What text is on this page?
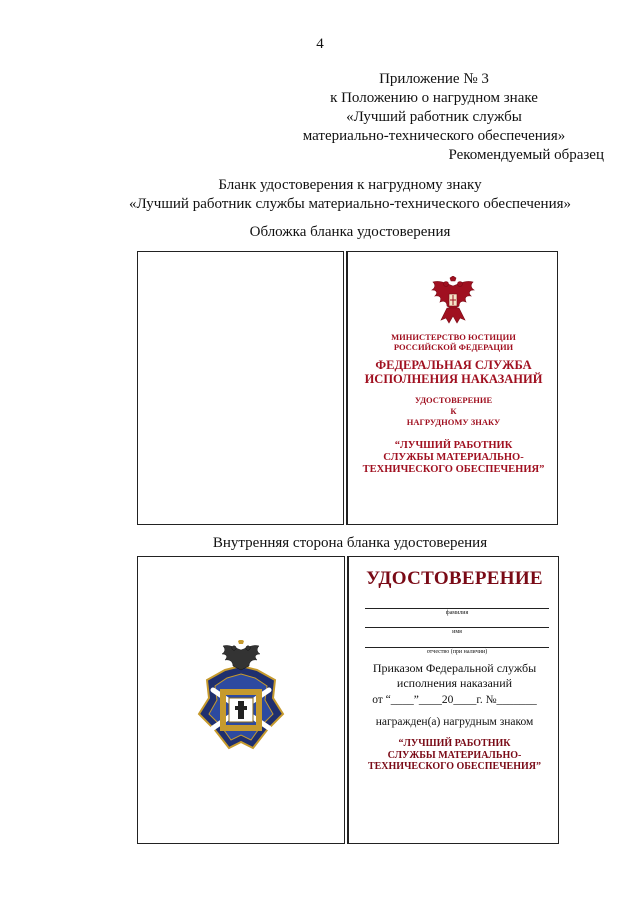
4
Приложение № 3
к Положению о нагрудном знаке
«Лучший работник службы
материально-технического обеспечения»
Рекомендуемый образец
Бланк удостоверения к нагрудному знаку
«Лучший работник службы материально-технического обеспечения»
Обложка бланка удостоверения
МИНИСТЕРСТВО ЮСТИЦИИ
РОССИЙСКОЙ ФЕДЕРАЦИИ
ФЕДЕРАЛЬНАЯ СЛУЖБА
ИСПОЛНЕНИЯ НАКАЗАНИЙ
УДОСТОВЕРЕНИЕ
К
НАГРУДНОМУ ЗНАКУ
“ЛУЧШИЙ РАБОТНИК
СЛУЖБЫ МАТЕРИАЛЬНО-
ТЕХНИЧЕСКОГО ОБЕСПЕЧЕНИЯ”
Внутренняя сторона бланка удостоверения
УДОСТОВЕРЕНИЕ
фамилия
имя
отчество (при наличии)
Приказом Федеральной службы
исполнения наказаний
от “____”____20____г. №_______
награжден(а) нагрудным знаком
“ЛУЧШИЙ РАБОТНИК
СЛУЖБЫ МАТЕРИАЛЬНО-
ТЕХНИЧЕСКОГО ОБЕСПЕЧЕНИЯ”
